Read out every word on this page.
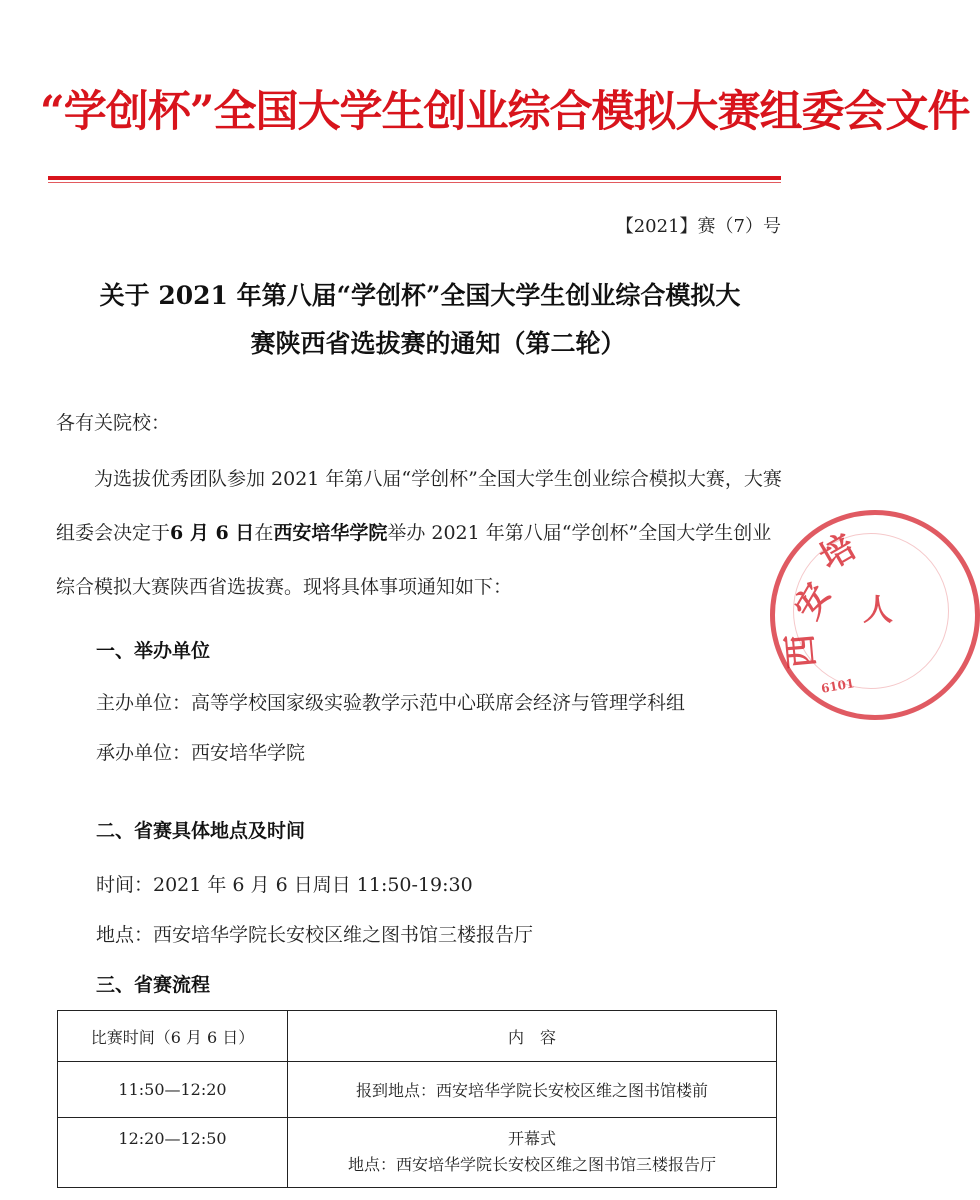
“学创杯”全国大学生创业综合模拟大赛组委会文件
【2021】赛（7）号
关于 2021 年第八届“学创杯”全国大学生创业综合模拟大
赛陕西省选拔赛的通知（第二轮）
各有关院校：
为选拔优秀团队参加 2021 年第八届“学创杯”全国大学生创业综合模拟大赛，大赛组委会决定于6 月 6 日在西安培华学院举办 2021 年第八届“学创杯”全国大学生创业综合模拟大赛陕西省选拔赛。现将具体事项通知如下：
一、举办单位
主办单位：高等学校国家级实验教学示范中心联席会经济与管理学科组
承办单位：西安培华学院
二、省赛具体地点及时间
时间：2021 年 6 月 6 日周日 11:50-19:30
地点：西安培华学院长安校区维之图书馆三楼报告厅
三、省赛流程
比赛时间（6 月 6 日）	内　容
11:50—12:20	报到地点：西安培华学院长安校区维之图书馆楼前
12:20—12:50	开幕式
地点：西安培华学院长安校区维之图书馆三楼报告厅
安
培
西
6101
人
